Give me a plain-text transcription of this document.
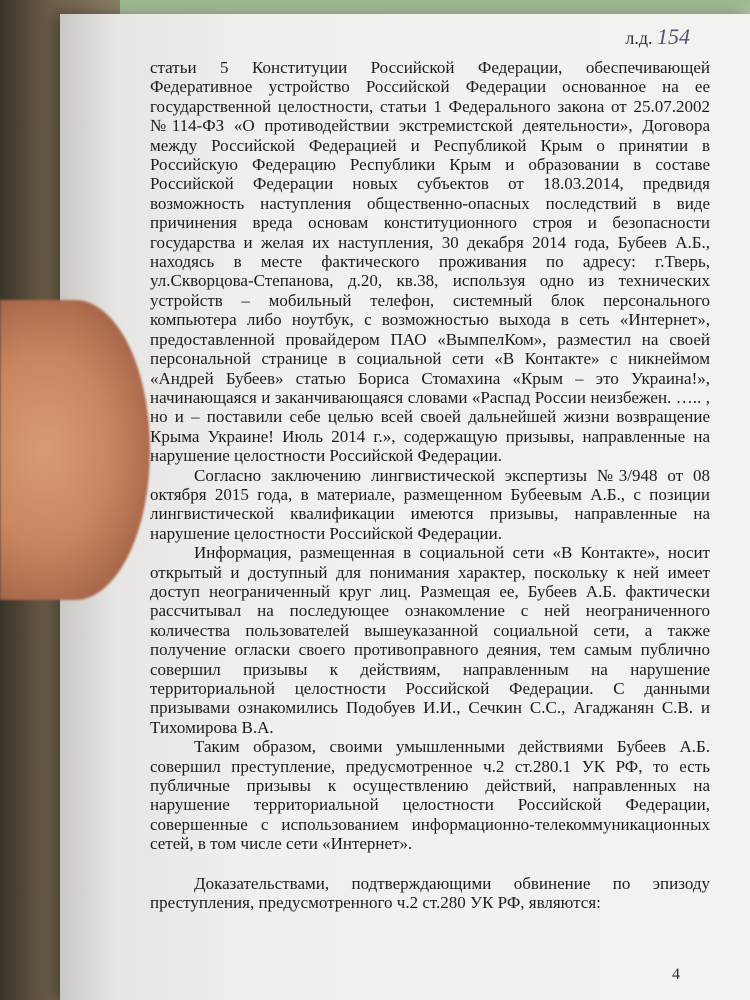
л.д. 154

статьи 5 Конституции Российской Федерации, обеспечивающей Федеративное устройство Российской Федерации основанное на ее государственной целостности, статьи 1 Федерального закона от 25.07.2002 №114-ФЗ «О противодействии экстремистской деятельности», Договора между Российской Федерацией и Республикой Крым о принятии в Российскую Федерацию Республики Крым и образовании в составе Российской Федерации новых субъектов от 18.03.2014, предвидя возможность наступления общественно-опасных последствий в виде причинения вреда основам конституционного строя и безопасности государства и желая их наступления, 30 декабря 2014 года, Бубеев А.Б., находясь в месте фактического проживания по адресу: г.Тверь, ул.Скворцова-Степанова, д.20, кв.38, используя одно из технических устройств – мобильный телефон, системный блок персонального компьютера либо ноутбук, с возможностью выхода в сеть «Интернет», предоставленной провайдером ПАО «ВымпелКом», разместил на своей персональной странице в социальной сети «В Контакте» с никнеймом «Андрей Бубеев» статью Бориса Стомахина «Крым – это Украина!», начинающаяся и заканчивающаяся словами «Распад России неизбежен. ….. , но и – поставили себе целью всей своей дальнейшей жизни возвращение Крыма Украине! Июль 2014 г.», содержащую призывы, направленные на нарушение целостности Российской Федерации.

Согласно заключению лингвистической экспертизы №3/948 от 08 октября 2015 года, в материале, размещенном Бубеевым А.Б., с позиции лингвистической квалификации имеются призывы, направленные на нарушение целостности Российской Федерации.

Информация, размещенная в социальной сети «В Контакте», носит открытый и доступный для понимания характер, поскольку к ней имеет доступ неограниченный круг лиц. Размещая ее, Бубеев А.Б. фактически рассчитывал на последующее ознакомление с ней неограниченного количества пользователей вышеуказанной социальной сети, а также получение огласки своего противоправного деяния, тем самым публично совершил призывы к действиям, направленным на нарушение территориальной целостности Российской Федерации. С данными призывами ознакомились Подобуев И.И., Сечкин С.С., Агаджанян С.В. и Тихомирова В.А.

Таким образом, своими умышленными действиями Бубеев А.Б. совершил преступление, предусмотренное ч.2 ст.280.1 УК РФ, то есть публичные призывы к осуществлению действий, направленных на нарушение территориальной целостности Российской Федерации, совершенные с использованием информационно-телекоммуникационных сетей, в том числе сети «Интернет».

Доказательствами, подтверждающими обвинение по эпизоду преступления, предусмотренного ч.2 ст.280 УК РФ, являются:

4
